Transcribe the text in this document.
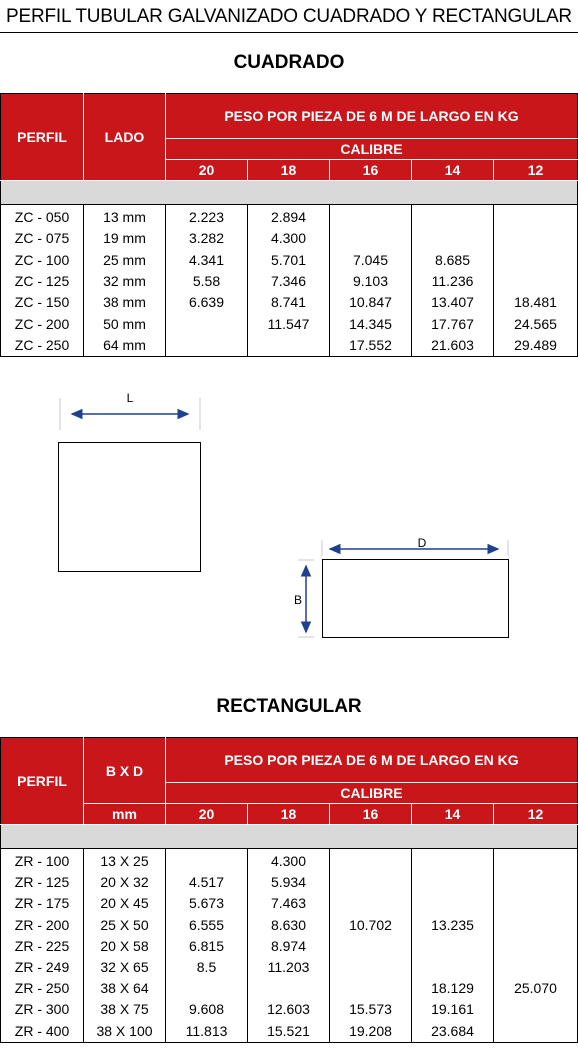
PERFIL TUBULAR GALVANIZADO CUADRADO Y RECTANGULAR
CUADRADO
PERFIL	LADO	PESO POR PIEZA DE 6 M DE LARGO EN KG				
		CALIBRE				
		20	18	16	14	12

ZC - 050	13 mm	2.223	2.894			
ZC - 075	19 mm	3.282	4.300			
ZC - 100	25 mm	4.341	5.701	7.045	8.685	
ZC - 125	32 mm	5.58	7.346	9.103	11.236	
ZC - 150	38 mm	6.639	8.741	10.847	13.407	18.481
ZC - 200	50 mm		11.547	14.345	17.767	24.565
ZC - 250	64 mm			17.552	21.603	29.489
L
D
B
RECTANGULAR
PERFIL	B X D	PESO POR PIEZA DE 6 M DE LARGO EN KG				
		CALIBRE				
	mm	20	18	16	14	12

ZR - 100	13 X 25		4.300			
ZR - 125	20 X 32	4.517	5.934			
ZR - 175	20 X 45	5.673	7.463			
ZR - 200	25 X 50	6.555	8.630	10.702	13.235	
ZR - 225	20 X 58	6.815	8.974			
ZR - 249	32 X 65	8.5	11.203			
ZR - 250	38 X 64				18.129	25.070
ZR - 300	38 X 75	9.608	12.603	15.573	19.161	
ZR - 400	38 X 100	11.813	15.521	19.208	23.684	
